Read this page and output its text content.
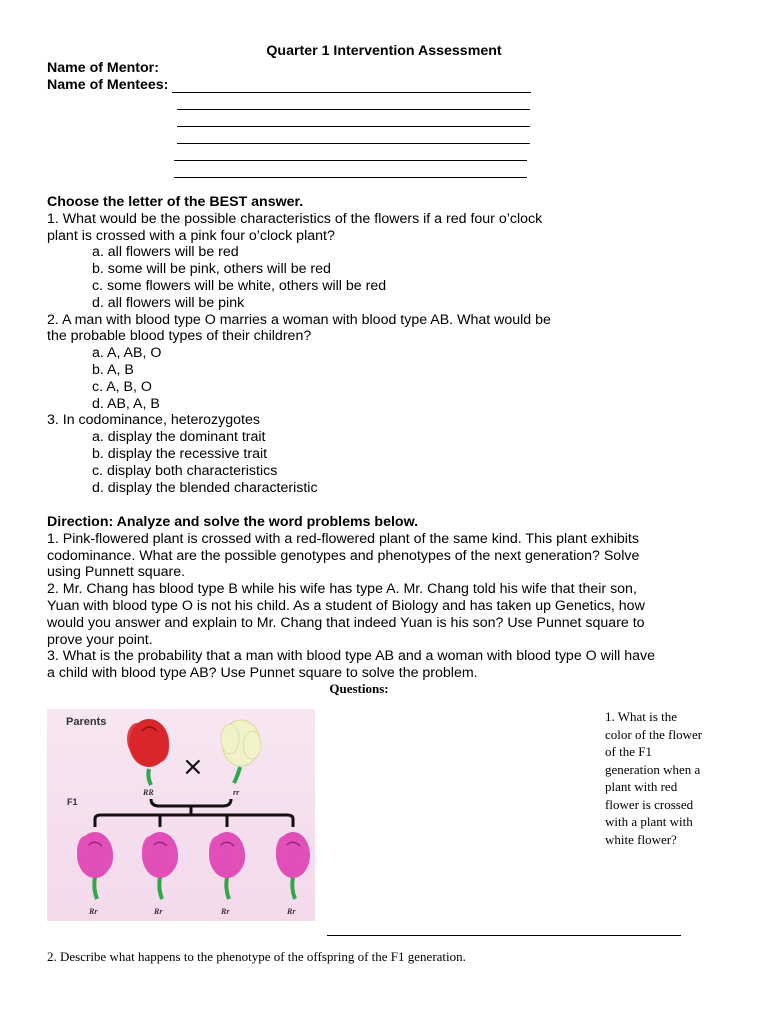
Quarter 1 Intervention Assessment
Name of Mentor:
Name of Mentees:
Choose the letter of the BEST answer.
1. What would be the possible characteristics of the flowers if a red four o’clock
plant is crossed with a pink four o’clock plant?
a. all flowers will be red
b. some will be pink, others will be red
c. some flowers will be white, others will be red
d. all flowers will be pink
2. A man with blood type O marries a woman with blood type AB. What would be
the probable blood types of their children?
a. A, AB, O
b. A, B
c. A, B, O
d. AB, A, B
3. In codominance, heterozygotes
a. display the dominant trait
b. display the recessive trait
c. display both characteristics
d. display the blended characteristic
Direction: Analyze and solve the word problems below.
1. Pink-flowered plant is crossed with a red-flowered plant of the same kind. This plant exhibits
codominance. What are the possible genotypes and phenotypes of the next generation? Solve
using Punnett square.
2. Mr. Chang has blood type B while his wife has type A. Mr. Chang told his wife that their son,
Yuan with blood type O is not his child. As a student of Biology and has taken up Genetics, how
would you answer and explain to Mr. Chang that indeed Yuan is his son? Use Punnet square to
prove your point.
3. What is the probability that a man with blood type AB and a woman with blood type O will have
a child with blood type AB? Use Punnet square to solve the problem.
Questions:
Parents
F1
RR
×
rr
Rr	Rr	Rr	Rr
1. What is the
color of the flower
of the F1
generation when a
plant with red
flower is crossed
with a plant with
white flower?
2. Describe what happens to the phenotype of the offspring of the F1 generation.
